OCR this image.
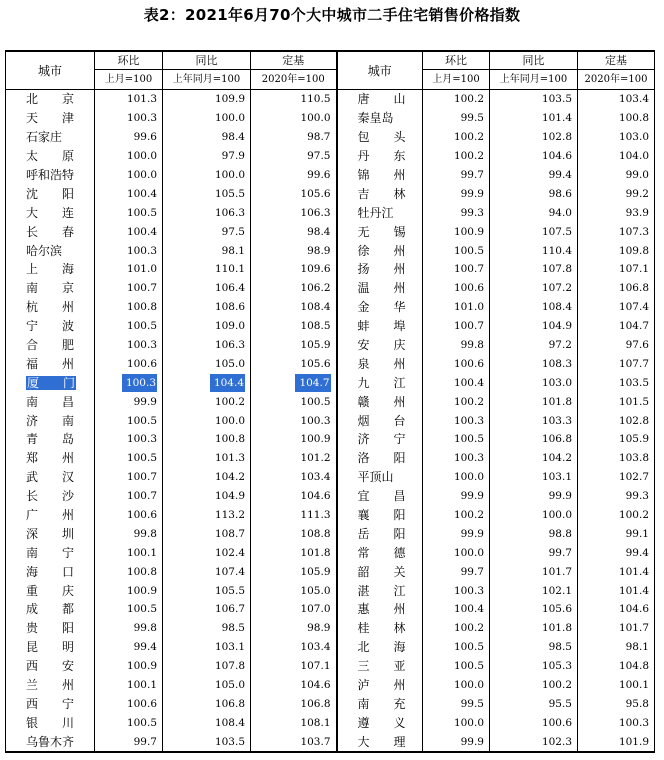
表2：2021年6月70个大中城市二手住宅销售价格指数
城市	环比	同比	定基	城市	环比	同比	定基
	上月=100	上年同月=100	2020年=100		上月=100	上年同月=100	2020年=100
北　　京	101.3	109.9	110.5	唐　　山	100.2	103.5	103.4
天　　津	100.3	100.0	100.0	秦皇岛	99.5	101.4	100.8
石家庄	99.6	98.4	98.7	包　　头	100.2	102.8	103.0
太　　原	100.0	97.9	97.5	丹　　东	100.2	104.6	104.0
呼和浩特	100.0	100.0	99.6	锦　　州	99.7	99.4	99.0
沈　　阳	100.4	105.5	105.6	吉　　林	99.9	98.6	99.2
大　　连	100.5	106.3	106.3	牡丹江	99.3	94.0	93.9
长　　春	100.4	97.5	98.4	无　　锡	100.9	107.5	107.3
哈尔滨	100.3	98.1	98.9	徐　　州	100.5	110.4	109.8
上　　海	101.0	110.1	109.6	扬　　州	100.7	107.8	107.1
南　　京	100.7	106.4	106.2	温　　州	100.6	107.2	106.8
杭　　州	100.8	108.6	108.4	金　　华	101.0	108.4	107.4
宁　　波	100.5	109.0	108.5	蚌　　埠	100.7	104.9	104.7
合　　肥	100.3	106.3	105.9	安　　庆	99.8	97.2	97.6
福　　州	100.6	105.0	105.6	泉　　州	100.6	108.3	107.7
厦　　门	100.3	104.4	104.7	九　　江	100.4	103.0	103.5
南　　昌	99.9	100.2	100.5	赣　　州	100.2	101.8	101.5
济　　南	100.5	100.0	100.3	烟　　台	100.3	103.3	102.8
青　　岛	100.3	100.8	100.9	济　　宁	100.5	106.8	105.9
郑　　州	100.5	101.3	101.2	洛　　阳	100.3	104.2	103.8
武　　汉	100.7	104.2	103.4	平顶山	100.0	103.1	102.7
长　　沙	100.7	104.9	104.6	宜　　昌	99.9	99.9	99.3
广　　州	100.6	113.2	111.3	襄　　阳	100.2	100.0	100.2
深　　圳	99.8	108.7	108.8	岳　　阳	99.9	98.8	99.1
南　　宁	100.1	102.4	101.8	常　　德	100.0	99.7	99.4
海　　口	100.8	107.4	105.9	韶　　关	99.7	101.7	101.4
重　　庆	100.9	105.5	105.0	湛　　江	100.3	102.1	101.4
成　　都	100.5	106.7	107.0	惠　　州	100.4	105.6	104.6
贵　　阳	99.8	98.5	98.9	桂　　林	100.2	101.8	101.7
昆　　明	99.4	103.1	103.4	北　　海	100.5	98.5	98.1
西　　安	100.9	107.8	107.1	三　　亚	100.5	105.3	104.8
兰　　州	100.1	105.0	104.6	泸　　州	100.0	100.2	100.1
西　　宁	100.6	106.8	106.8	南　　充	99.5	95.5	95.8
银　　川	100.5	108.4	108.1	遵　　义	100.0	100.6	100.3
乌鲁木齐	99.7	103.5	103.7	大　　理	99.9	102.3	101.9
